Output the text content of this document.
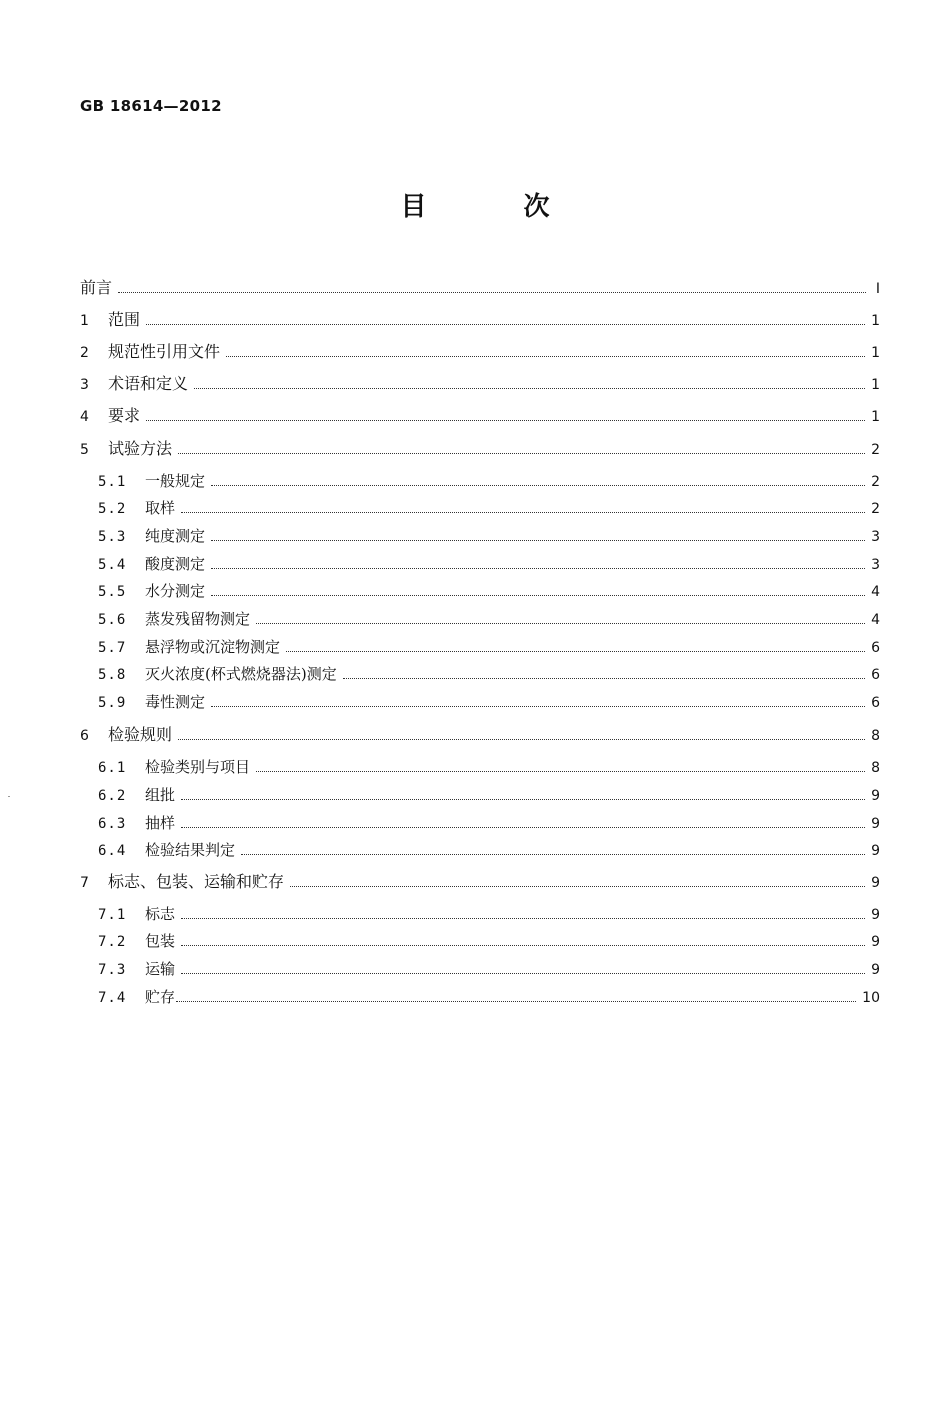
GB 18614—2012
目 次
前言	Ⅰ
1	范围	1
2	规范性引用文件	1
3	术语和定义	1
4	要求	1
5	试验方法	2
5.1	一般规定	2
5.2	取样	2
5.3	纯度测定	3
5.4	酸度测定	3
5.5	水分测定	4
5.6	蒸发残留物测定	4
5.7	悬浮物或沉淀物测定	6
5.8	灭火浓度(杯式燃烧器法)测定	6
5.9	毒性测定	6
6	检验规则	8
6.1	检验类别与项目	8
6.2	组批	9
6.3	抽样	9
6.4	检验结果判定	9
7	标志、包装、运输和贮存	9
7.1	标志	9
7.2	包装	9
7.3	运输	9
7.4	贮存	10
